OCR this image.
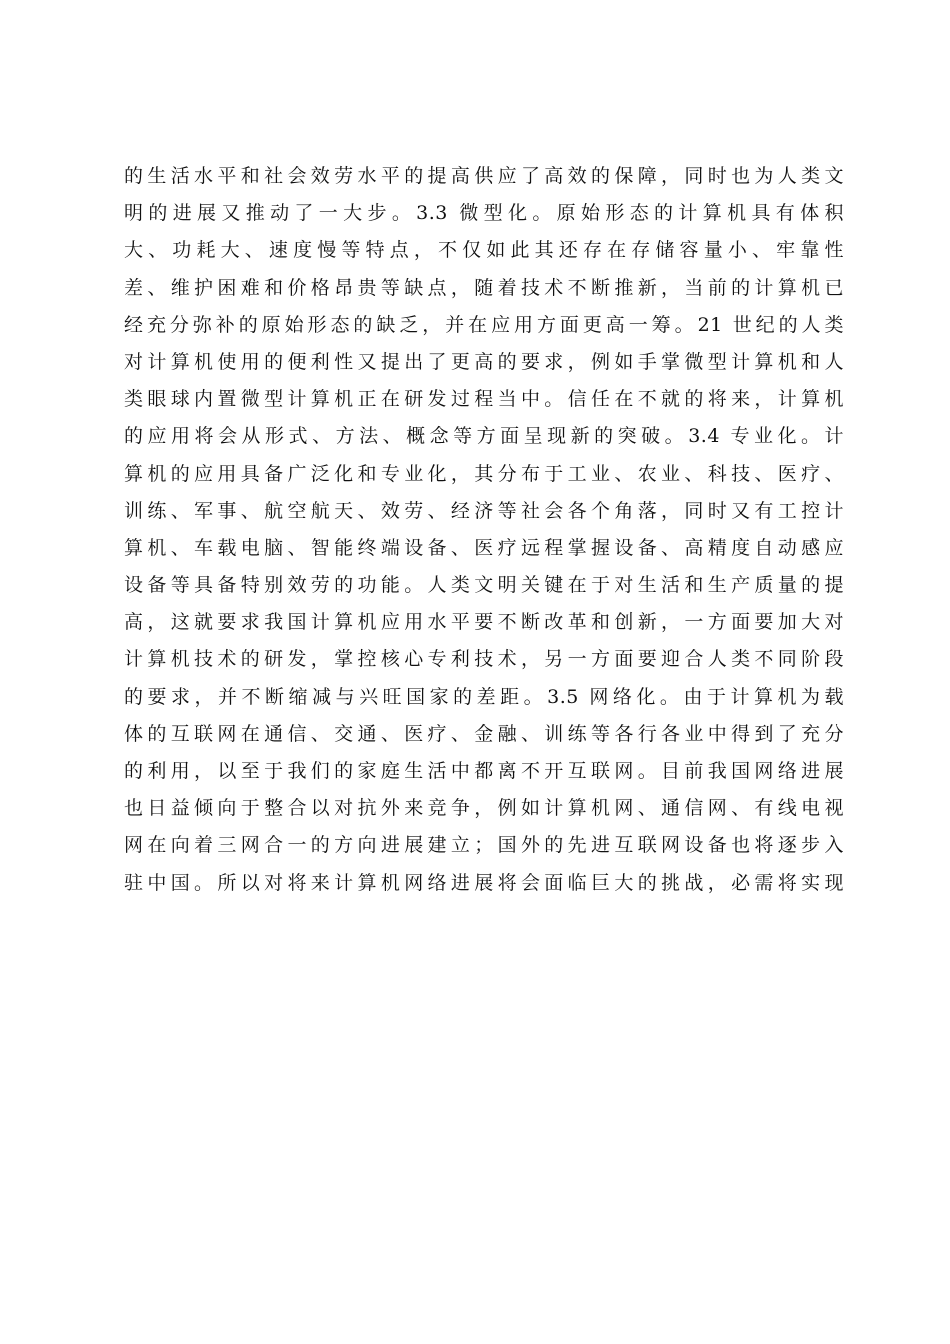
的生活水平和社会效劳水平的提高供应了高效的保障，同时也为人类文
明的进展又推动了一大步。3.3 微型化。原始形态的计算机具有体积
大、功耗大、速度慢等特点，不仅如此其还存在存储容量小、牢靠性
差、维护困难和价格昂贵等缺点，随着技术不断推新，当前的计算机已
经充分弥补的原始形态的缺乏，并在应用方面更高一筹。21 世纪的人类
对计算机使用的便利性又提出了更高的要求，例如手掌微型计算机和人
类眼球内置微型计算机正在研发过程当中。信任在不就的将来，计算机
的应用将会从形式、方法、概念等方面呈现新的突破。3.4 专业化。计
算机的应用具备广泛化和专业化，其分布于工业、农业、科技、医疗、
训练、军事、航空航天、效劳、经济等社会各个角落，同时又有工控计
算机、车载电脑、智能终端设备、医疗远程掌握设备、高精度自动感应
设备等具备特别效劳的功能。人类文明关键在于对生活和生产质量的提
高，这就要求我国计算机应用水平要不断改革和创新，一方面要加大对
计算机技术的研发，掌控核心专利技术，另一方面要迎合人类不同阶段
的要求，并不断缩减与兴旺国家的差距。3.5 网络化。由于计算机为载
体的互联网在通信、交通、医疗、金融、训练等各行各业中得到了充分
的利用，以至于我们的家庭生活中都离不开互联网。目前我国网络进展
也日益倾向于整合以对抗外来竞争，例如计算机网、通信网、有线电视
网在向着三网合一的方向进展建立；国外的先进互联网设备也将逐步入
驻中国。所以对将来计算机网络进展将会面临巨大的挑战，必需将实现
